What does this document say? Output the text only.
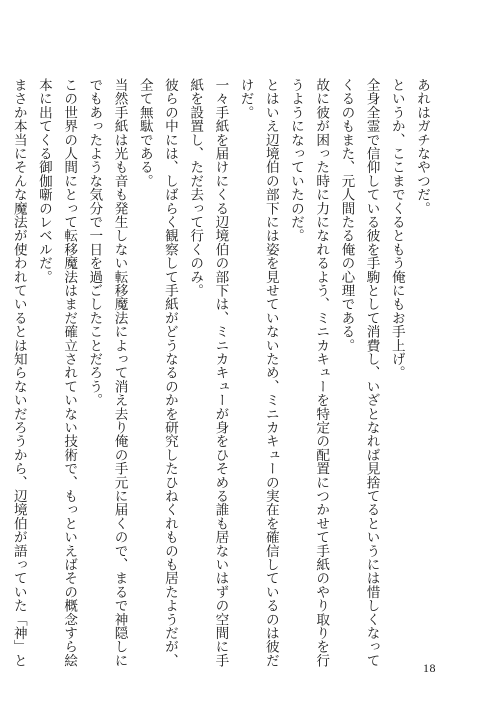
あれはガチなやつだ。
というか、ここまでくるともう俺にもお手上げ。
全身全霊で信仰している彼を手駒として消費し、いざとなれば見捨てるというには惜しくなって
くるのもまた、元人間たる俺の心理である。
故に彼が困った時に力になれるよう、ミニカキューを特定の配置につかせて手紙のやり取りを行
うようになっていたのだ。
とはいえ辺境伯の部下には姿を見せていないため、ミニカキューの実在を確信しているのは彼だ
けだ。
一々手紙を届けにくる辺境伯の部下は、ミニカキューが身をひそめる誰も居ないはずの空間に手
紙を設置し、ただ去って行くのみ。
彼らの中には、しばらく観察して手紙がどうなるのかを研究したひねくれものも居たようだが、
全て無駄である。
当然手紙は光も音も発生しない転移魔法によって消え去り俺の手元に届くので、まるで神隠しに
でもあったような気分で一日を過ごしたことだろう。
この世界の人間にとって転移魔法はまだ確立されていない技術で、もっといえばその概念すら絵
本に出てくる御伽噺のレベルだ。
まさか本当にそんな魔法が使われているとは知らないだろうから、辺境伯が語っていた「神」と
18
